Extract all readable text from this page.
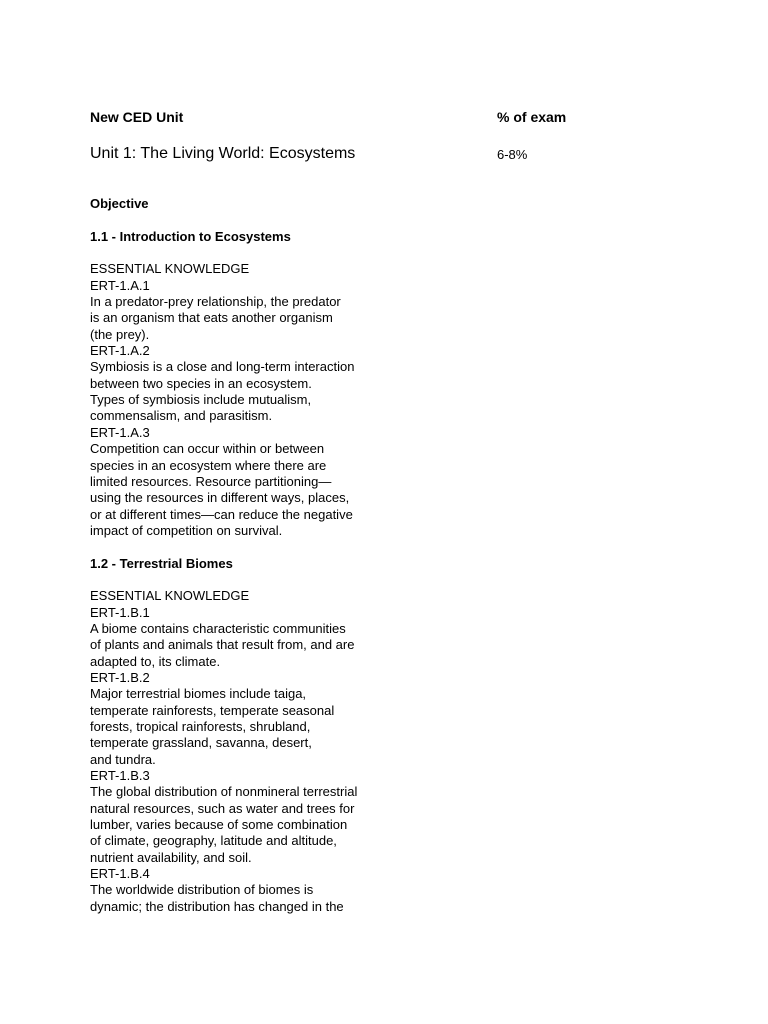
New CED Unit	% of exam
Unit 1: The Living World: Ecosystems	6-8%
Objective
1.1 - Introduction to Ecosystems
ESSENTIAL KNOWLEDGE
ERT-1.A.1
In a predator-prey relationship, the predator
is an organism that eats another organism
(the prey).
ERT-1.A.2
Symbiosis is a close and long-term interaction
between two species in an ecosystem.
Types of symbiosis include mutualism,
commensalism, and parasitism.
ERT-1.A.3
Competition can occur within or between
species in an ecosystem where there are
limited resources. Resource partitioning—
using the resources in different ways, places,
or at different times—can reduce the negative
impact of competition on survival.
1.2 - Terrestrial Biomes
ESSENTIAL KNOWLEDGE
ERT-1.B.1
A biome contains characteristic communities
of plants and animals that result from, and are
adapted to, its climate.
ERT-1.B.2
Major terrestrial biomes include taiga,
temperate rainforests, temperate seasonal
forests, tropical rainforests, shrubland,
temperate grassland, savanna, desert,
and tundra.
ERT-1.B.3
The global distribution of nonmineral terrestrial
natural resources, such as water and trees for
lumber, varies because of some combination
of climate, geography, latitude and altitude,
nutrient availability, and soil.
ERT-1.B.4
The worldwide distribution of biomes is
dynamic; the distribution has changed in the
